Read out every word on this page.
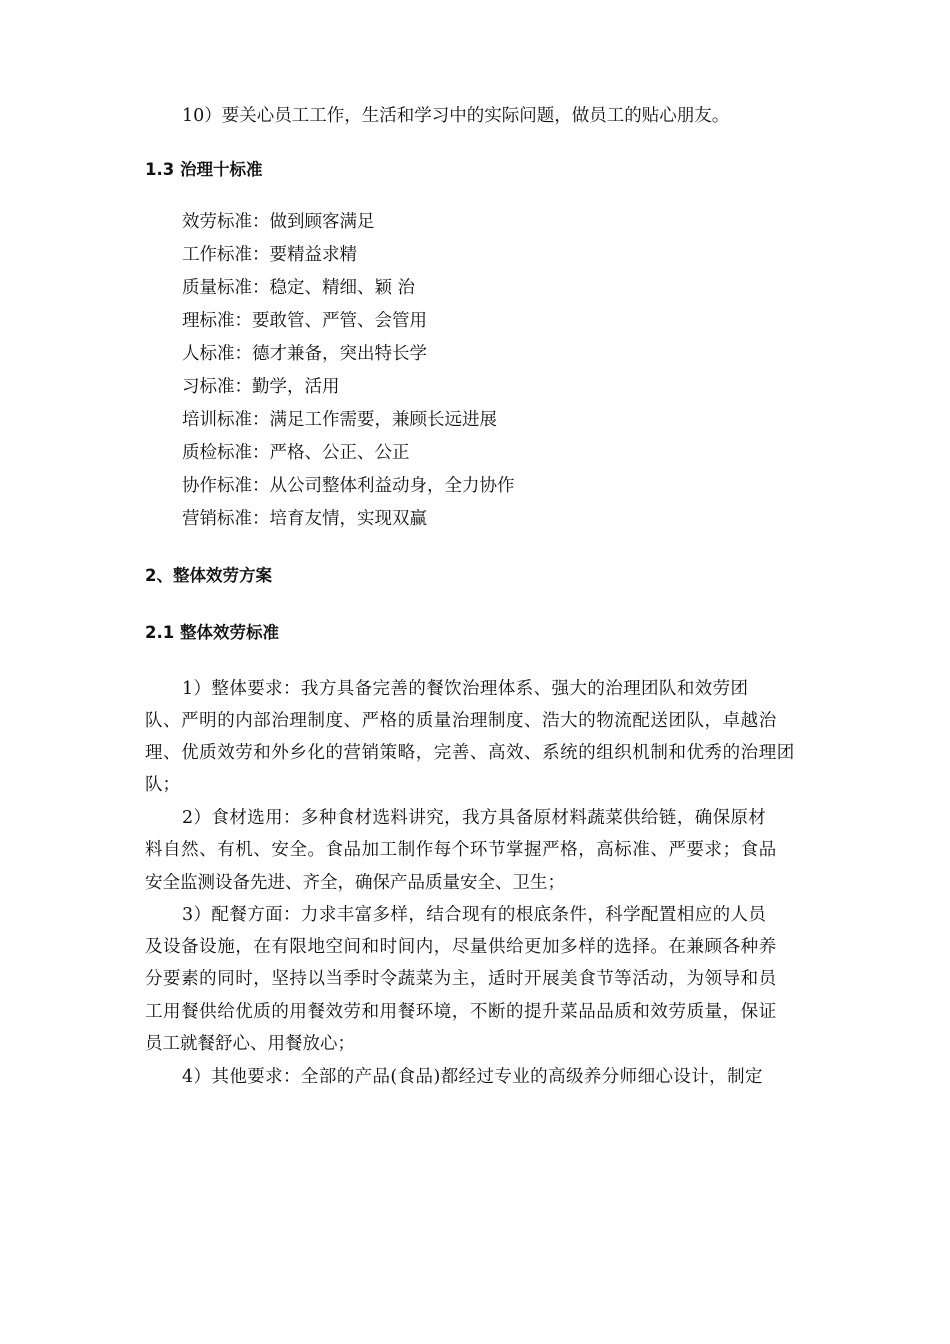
10）要关心员工工作，生活和学习中的实际问题，做员工的贴心朋友。
1.3 治理十标准
效劳标准：做到顾客满足
工作标准：要精益求精
质量标准：稳定、精细、颖 治
理标准：要敢管、严管、会管用
人标准：德才兼备，突出特长学
习标准：勤学，活用
培训标准：满足工作需要，兼顾长远进展
质检标准：严格、公正、公正
协作标准：从公司整体利益动身，全力协作
营销标准：培育友情，实现双赢
2、整体效劳方案
2.1 整体效劳标准
1）整体要求：我方具备完善的餐饮治理体系、强大的治理团队和效劳团
队、严明的内部治理制度、严格的质量治理制度、浩大的物流配送团队，卓越治
理、优质效劳和外乡化的营销策略，完善、高效、系统的组织机制和优秀的治理团
队；
2）食材选用：多种食材选料讲究，我方具备原材料蔬菜供给链，确保原材
料自然、有机、安全。食品加工制作每个环节掌握严格，高标准、严要求；食品
安全监测设备先进、齐全，确保产品质量安全、卫生；
3）配餐方面：力求丰富多样，结合现有的根底条件，科学配置相应的人员
及设备设施，在有限地空间和时间内，尽量供给更加多样的选择。在兼顾各种养
分要素的同时，坚持以当季时令蔬菜为主，适时开展美食节等活动，为领导和员
工用餐供给优质的用餐效劳和用餐环境，不断的提升菜品品质和效劳质量，保证
员工就餐舒心、用餐放心；
4）其他要求：全部的产品(食品)都经过专业的高级养分师细心设计，制定
